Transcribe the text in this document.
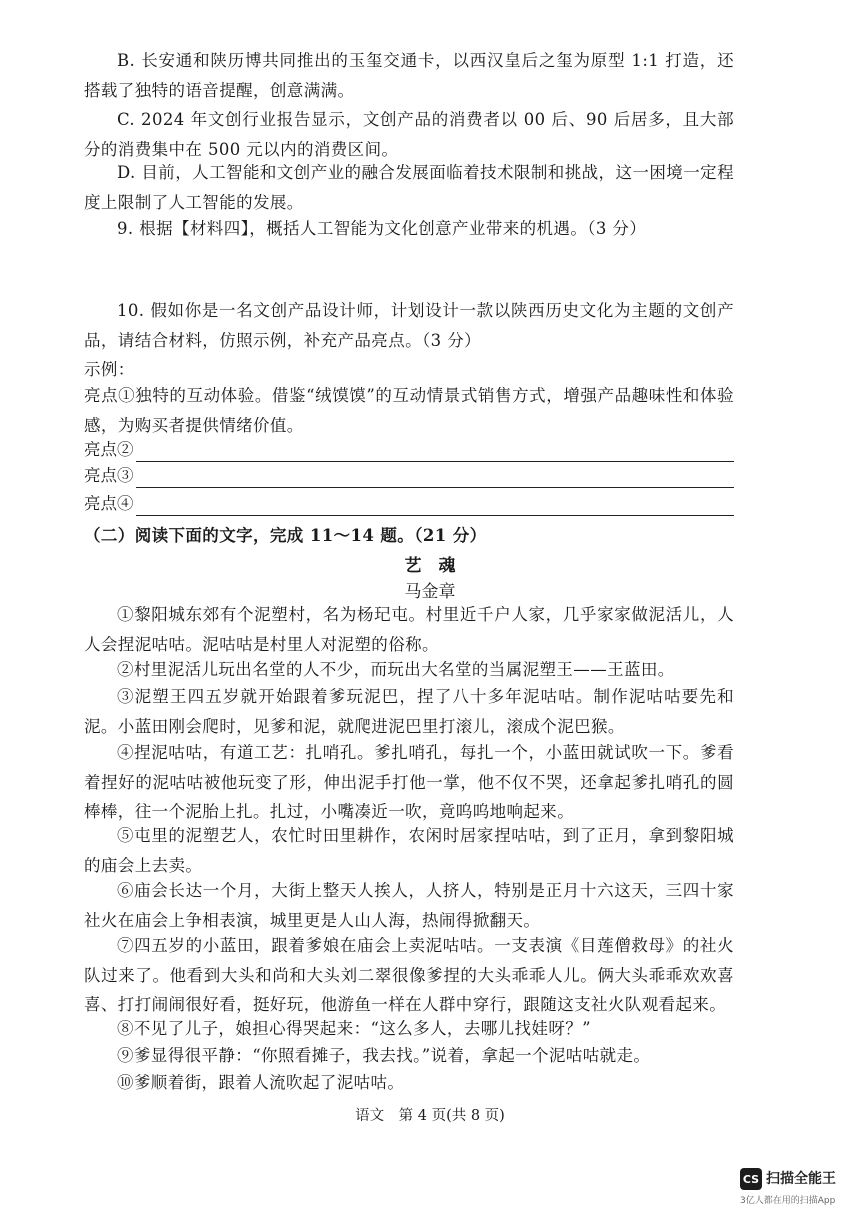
B. 长安通和陕历博共同推出的玉玺交通卡，以西汉皇后之玺为原型 1:1 打造，还搭载了独特的语音提醒，创意满满。

C. 2024 年文创行业报告显示，文创产品的消费者以 00 后、90 后居多，且大部分的消费集中在 500 元以内的消费区间。

D. 目前，人工智能和文创产业的融合发展面临着技术限制和挑战，这一困境一定程度上限制了人工智能的发展。

9. 根据【材料四】，概括人工智能为文化创意产业带来的机遇。（3 分）

10. 假如你是一名文创产品设计师，计划设计一款以陕西历史文化为主题的文创产品，请结合材料，仿照示例，补充产品亮点。（3 分）

示例：

亮点①独特的互动体验。借鉴“绒馍馍”的互动情景式销售方式，增强产品趣味性和体验感，为购买者提供情绪价值。

亮点②
亮点③
亮点④

（二）阅读下面的文字，完成 11～14 题。（21 分）

艺　魂
马金章

①黎阳城东郊有个泥塑村，名为杨玘屯。村里近千户人家，几乎家家做泥活儿，人人会捏泥咕咕。泥咕咕是村里人对泥塑的俗称。

②村里泥活儿玩出名堂的人不少，而玩出大名堂的当属泥塑王——王蓝田。

③泥塑王四五岁就开始跟着爹玩泥巴，捏了八十多年泥咕咕。制作泥咕咕要先和泥。小蓝田刚会爬时，见爹和泥，就爬进泥巴里打滚儿，滚成个泥巴猴。

④捏泥咕咕，有道工艺：扎哨孔。爹扎哨孔，每扎一个，小蓝田就试吹一下。爹看着捏好的泥咕咕被他玩变了形，伸出泥手打他一掌，他不仅不哭，还拿起爹扎哨孔的圆棒棒，往一个泥胎上扎。扎过，小嘴凑近一吹，竟呜呜地响起来。

⑤屯里的泥塑艺人，农忙时田里耕作，农闲时居家捏咕咕，到了正月，拿到黎阳城的庙会上去卖。

⑥庙会长达一个月，大街上整天人挨人，人挤人，特别是正月十六这天，三四十家社火在庙会上争相表演，城里更是人山人海，热闹得掀翻天。

⑦四五岁的小蓝田，跟着爹娘在庙会上卖泥咕咕。一支表演《目莲僧救母》的社火队过来了。他看到大头和尚和大头刘二翠很像爹捏的大头乖乖人儿。俩大头乖乖欢欢喜喜、打打闹闹很好看，挺好玩，他游鱼一样在人群中穿行，跟随这支社火队观看起来。

⑧不见了儿子，娘担心得哭起来：“这么多人，去哪儿找娃呀？”

⑨爹显得很平静：“你照看摊子，我去找。”说着，拿起一个泥咕咕就走。

⑩爹顺着街，跟着人流吹起了泥咕咕。

语文　第 4 页(共 8 页)
CS 扫描全能王
3亿人都在用的扫描App
